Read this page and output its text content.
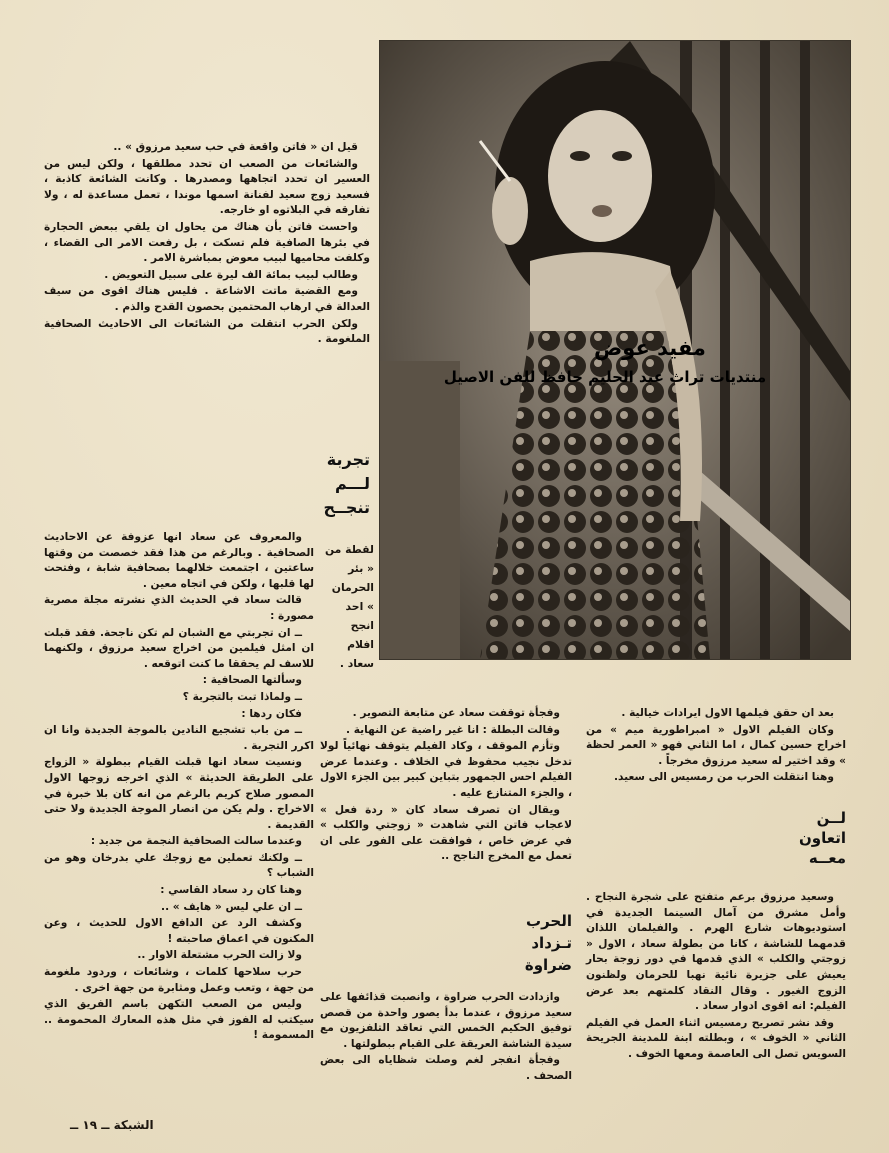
مفيد عوض
منتديات تراث عبد الحليم حافظ للفن الاصيل
لقطة من « بئر الحرمان » احد انجح افلام سعاد .

قيل ان « فاتن واقعة في حب سعيد مرزوق » ..

والشائعات من الصعب ان تحدد مطلقها ، ولكن ليس من العسير ان تحدد اتجاهها ومصدرها . وكانت الشائعة كاذبة ، فسعيد زوج سعيد لفنانة اسمها موندا ، تعمل مساعدة له ، ولا تفارقه في البلاتوه او خارجه.

واحست فاتن بأن هناك من يحاول ان يلقي ببعض الحجارة في بئرها الصافية فلم تسكت ، بل رفعت الامر الى القضاء ، وكلفت محاميها لبيب معوض بمباشرة الامر .

وطالب لبيب بمائة الف ليرة على سبيل التعويض .

ومع القضية ماتت الاشاعة . فليس هناك اقوى من سيف العدالة في ارهاب المحتمين بحصون القدح والذم .

ولكن الحرب انتقلت من الشائعات الى الاحاديث الصحافية الملغومة .

تجربة
لـــم
تنجــح

والمعروف عن سعاد انها عزوفة عن الاحاديث الصحافية . وبالرغم من هذا فقد خصصت من وقتها ساعتين ، اجتمعت خلالهما بصحافية شابة ، وفتحت لها قلبها ، ولكن في اتجاه معين .

قالت سعاد في الحديث الذي نشرته مجلة مصرية مصورة :

ــ ان تجربتي مع الشبان لم تكن ناجحة. فقد قبلت ان امثل فيلمين من اخراج سعيد مرزوق ، ولكنهما للاسف لم يحققا ما كنت اتوقعه .

وسألتها الصحافية :

ــ ولماذا تبت بالتجربة ؟

فكان ردها :

ــ من باب تشجيع النادين بالموجة الجديدة وانا ان اكرر التجربة .

ونسيت سعاد انها قبلت القيام ببطولة « الزواج على الطريقة الحديثة » الذي اخرجه زوجها الاول المصور صلاح كريم بالرغم من انه كان بلا خبرة في الاخراج . ولم يكن من انصار الموجة الجديدة ولا حتى القديمة .

وعندما سالت الصحافية النجمة من جديد :

ــ ولكنك تعملين مع زوجك علي بدرخان وهو من الشباب ؟

وهنا كان رد سعاد القاسي :

ــ ان علي ليس « هايف » ..

وكشف الرد عن الدافع الاول للحديث ، وعن المكنون في اعماق صاحبته !

ولا زالت الحرب مشتعلة الاوار ..

حرب سلاحها كلمات ، وشائعات ، وردود ملغومة من جهة ، وتعب وعمل ومثابرة من جهة اخرى .

وليس من الصعب التكهن باسم الفريق الذي سيكتب له الفوز في مثل هذه المعارك المحمومة .. المسمومة !

وفجأة توقفت سعاد عن متابعة التصوير .

وقالت البطلة : انا غير راضية عن النهاية .

وتأزم الموقف ، وكاد الفيلم يتوقف نهائياً لولا تدخل نجيب محفوظ في الخلاف . وعندما عرض الفيلم احس الجمهور بتباين كبير بين الجزء الاول ، والجزء المتنازع عليه .

ويقال ان تصرف سعاد كان « ردة فعل » لاعجاب فاتن التي شاهدت « زوجتي والكلب » في عرض خاص ، فوافقت على الفور على ان تعمل مع المخرج الناجح ..

الحرب
تـزداد
ضراوة

وازدادت الحرب ضراوة ، وانصبت قذائفها على سعيد مرزوق ، عندما بدأ يصور واحدة من قصص توفيق الحكيم الخمس التي تعاقد التلفزيون مع سيدة الشاشة العريقة على القيام ببطولتها .

وفجأة انفجر لغم وصلت شظاياه الى بعض الصحف .

بعد ان حقق فيلمها الاول ايرادات خيالية .

وكان الفيلم الاول « امبراطورية ميم » من اخراج حسين كمال ، اما الثاني فهو « العمر لحظة » وقد اختير له سعيد مرزوق مخرجاً .

وهنا انتقلت الحرب من رمسيس الى سعيد.

لــن
اتعاون
معــه

وسعيد مرزوق برعم متفتح على شجرة النجاح . وأمل مشرق من آمال السينما الجديدة في استوديوهات شارع الهرم . والفيلمان اللذان قدمهما للشاشة ، كانا من بطولة سعاد ، الاول « زوجتي والكلب » الذي قدمها في دور زوجة بحار يعيش على جزيرة نائية نهبا للحرمان ولظنون الزوج الغيور . وقال النقاد كلمتهم بعد عرض الفيلم: انه اقوى ادوار سعاد .

وقد نشر تصريح رمسيس اثناء العمل في الفيلم الثاني « الخوف » ، وبطلته ابنة للمدينة الجريحة السويس تصل الى العاصمة ومعها الخوف .

الشبكة ــ ١٩ ــ
